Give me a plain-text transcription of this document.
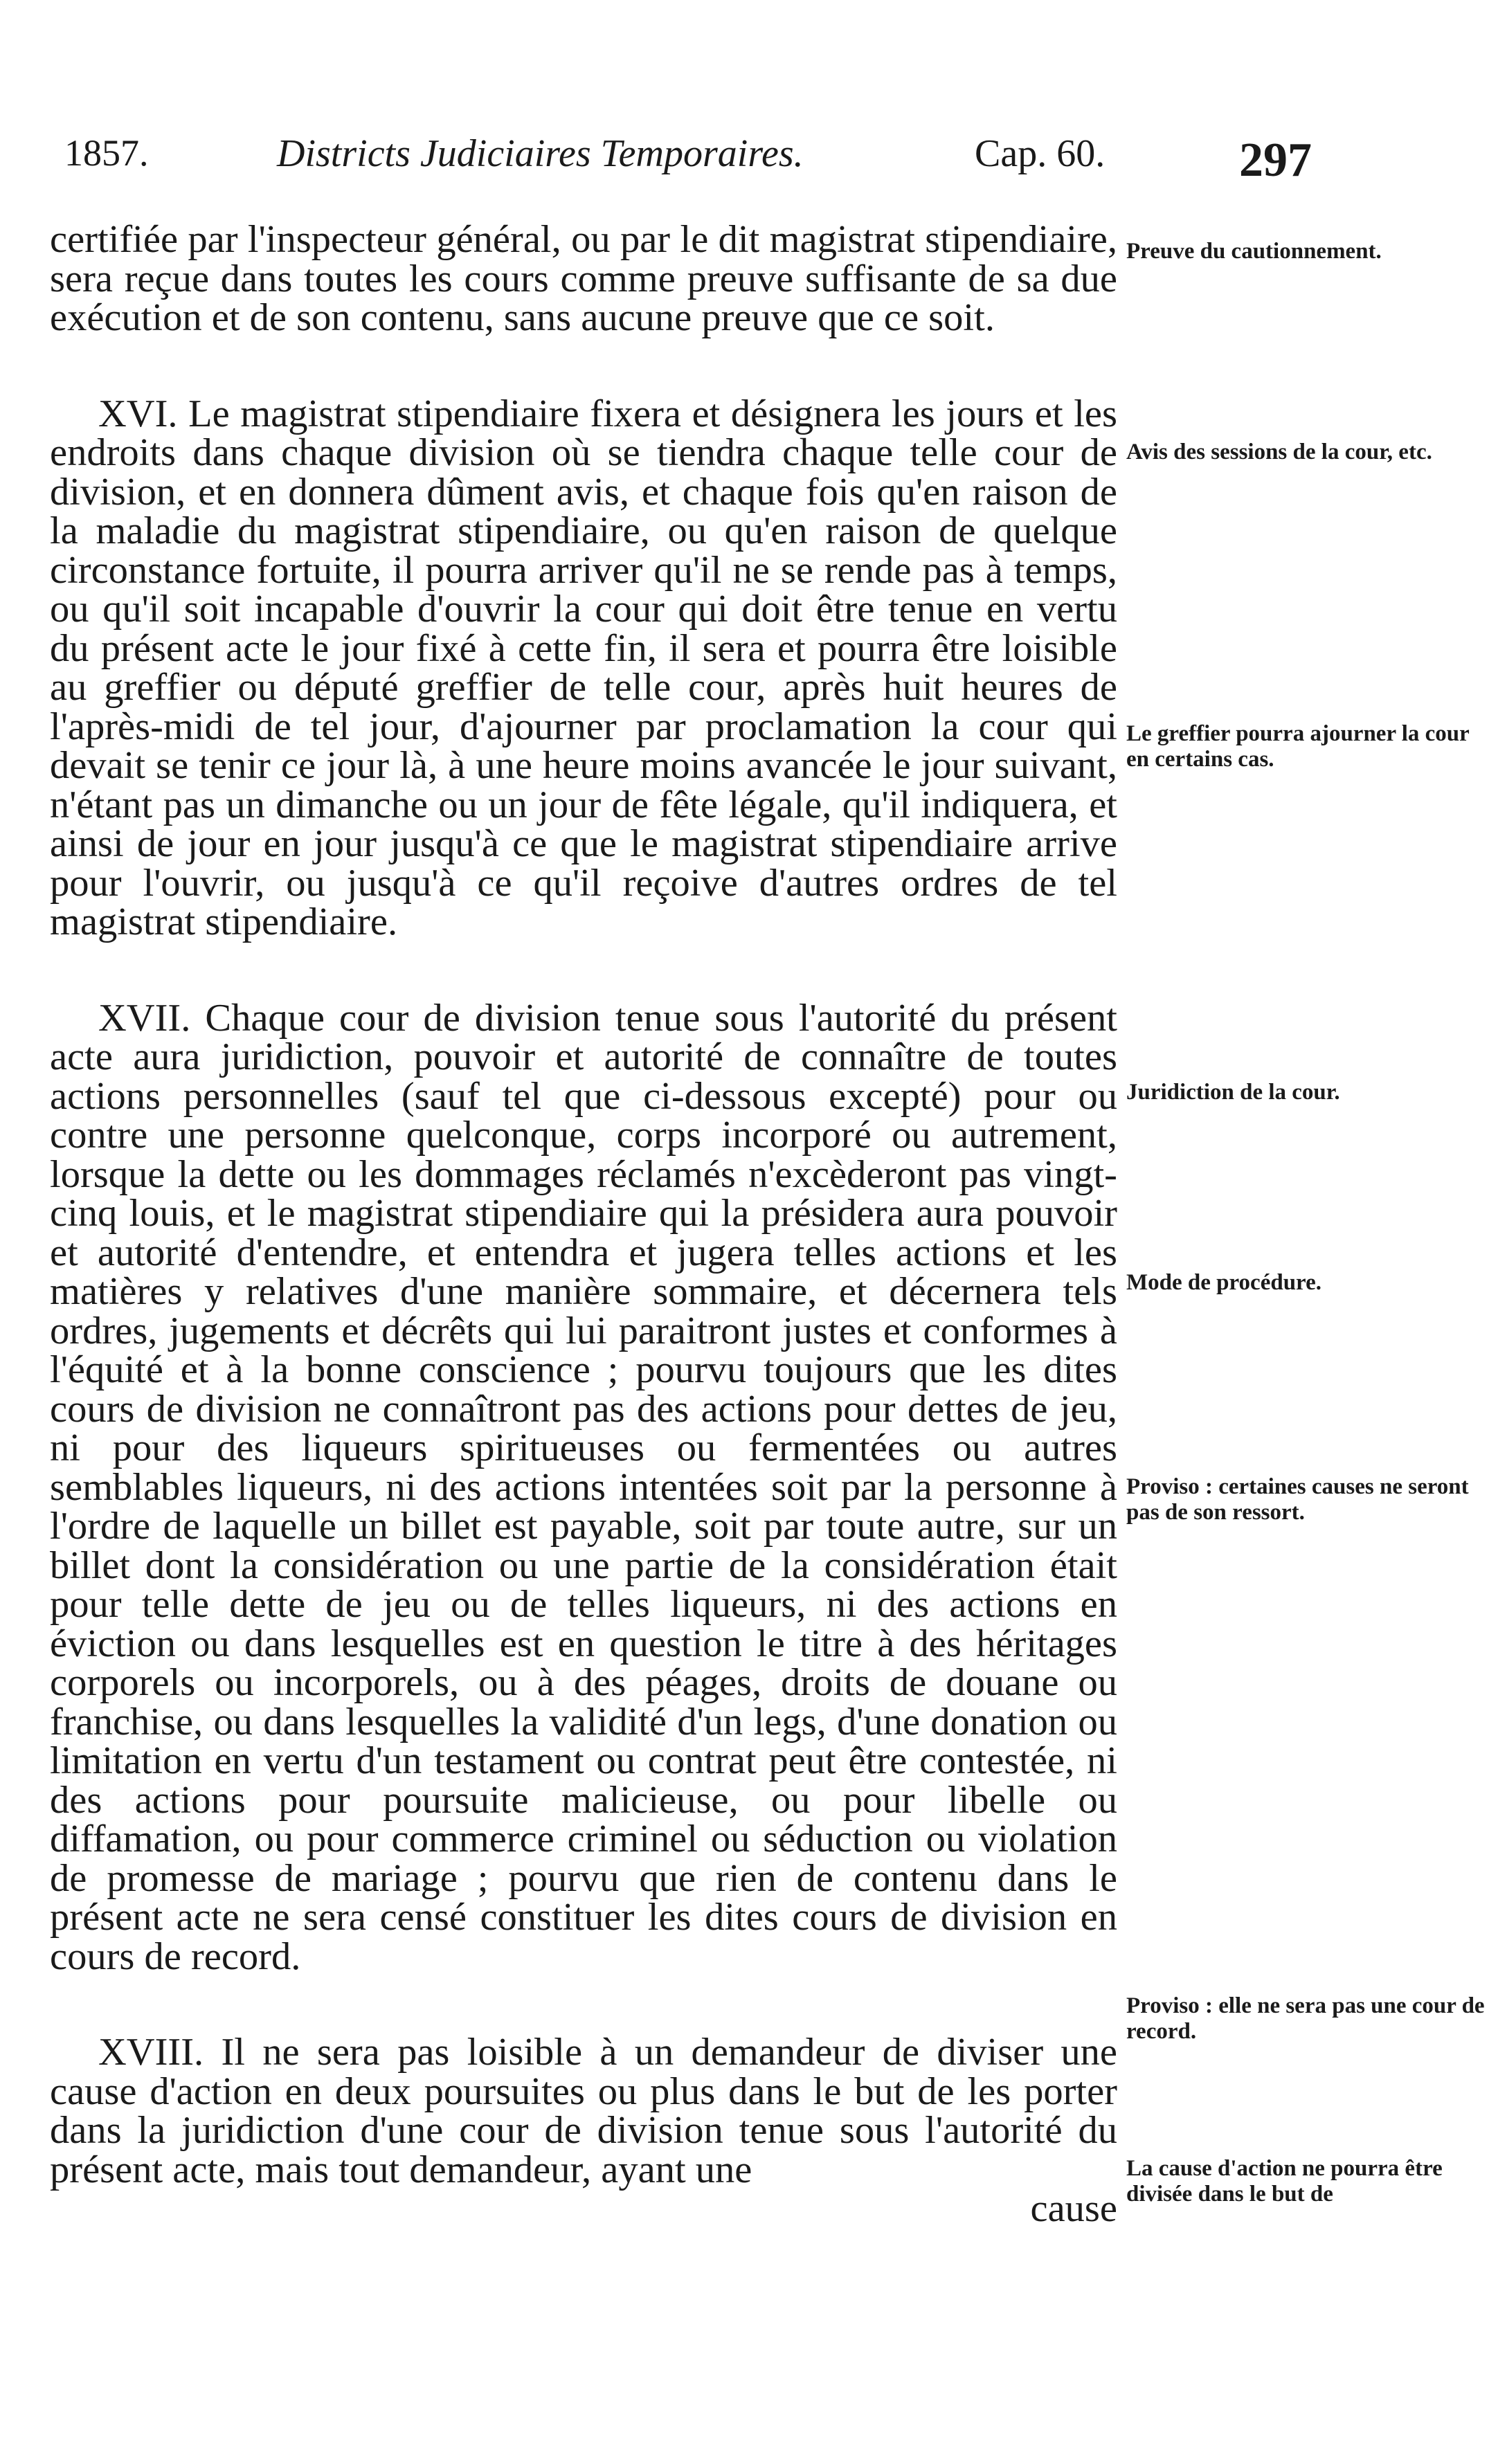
1857.	Districts Judiciaires Temporaires.	Cap. 60.	297

certifiée par l'inspecteur général, ou par le dit magistrat stipendiaire, sera reçue dans toutes les cours comme preuve suffisante de sa due exécution et de son contenu, sans aucune preuve que ce soit.

XVI. Le magistrat stipendiaire fixera et désignera les jours et les endroits dans chaque division où se tiendra chaque telle cour de division, et en donnera dûment avis, et chaque fois qu'en raison de la maladie du magistrat stipendiaire, ou qu'en raison de quelque circonstance fortuite, il pourra arriver qu'il ne se rende pas à temps, ou qu'il soit incapable d'ouvrir la cour qui doit être tenue en vertu du présent acte le jour fixé à cette fin, il sera et pourra être loisible au greffier ou député greffier de telle cour, après huit heures de l'après-midi de tel jour, d'ajourner par proclamation la cour qui devait se tenir ce jour là, à une heure moins avancée le jour suivant, n'étant pas un dimanche ou un jour de fête légale, qu'il indiquera, et ainsi de jour en jour jusqu'à ce que le magistrat stipendiaire arrive pour l'ouvrir, ou jusqu'à ce qu'il reçoive d'autres ordres de tel magistrat stipendiaire.

XVII. Chaque cour de division tenue sous l'autorité du présent acte aura juridiction, pouvoir et autorité de connaître de toutes actions personnelles (sauf tel que ci-dessous excepté) pour ou contre une personne quelconque, corps incorporé ou autrement, lorsque la dette ou les dommages réclamés n'excèderont pas vingt-cinq louis, et le magistrat stipendiaire qui la présidera aura pouvoir et autorité d'entendre, et entendra et jugera telles actions et les matières y relatives d'une manière sommaire, et décernera tels ordres, jugements et décrêts qui lui paraitront justes et conformes à l'équité et à la bonne conscience ; pourvu toujours que les dites cours de division ne connaîtront pas des actions pour dettes de jeu, ni pour des liqueurs spiritueuses ou fermentées ou autres semblables liqueurs, ni des actions intentées soit par la personne à l'ordre de laquelle un billet est payable, soit par toute autre, sur un billet dont la considération ou une partie de la considération était pour telle dette de jeu ou de telles liqueurs, ni des actions en éviction ou dans lesquelles est en question le titre à des héritages corporels ou incorporels, ou à des péages, droits de douane ou franchise, ou dans lesquelles la validité d'un legs, d'une donation ou limitation en vertu d'un testament ou contrat peut être contestée, ni des actions pour poursuite malicieuse, ou pour libelle ou diffamation, ou pour commerce criminel ou séduction ou violation de promesse de mariage ; pourvu que rien de contenu dans le présent acte ne sera censé constituer les dites cours de division en cours de record.

XVIII. Il ne sera pas loisible à un demandeur de diviser une cause d'action en deux poursuites ou plus dans le but de les porter dans la juridiction d'une cour de division tenue sous l'autorité du présent acte, mais tout demandeur, ayant une

cause

Preuve du cautionnement.
Avis des sessions de la cour, etc.
Le greffier pourra ajourner la cour en certains cas.
Juridiction de la cour.
Mode de procédure.
Proviso : certaines causes ne seront pas de son ressort.
Proviso : elle ne sera pas une cour de record.
La cause d'action ne pourra être divisée dans le but de
